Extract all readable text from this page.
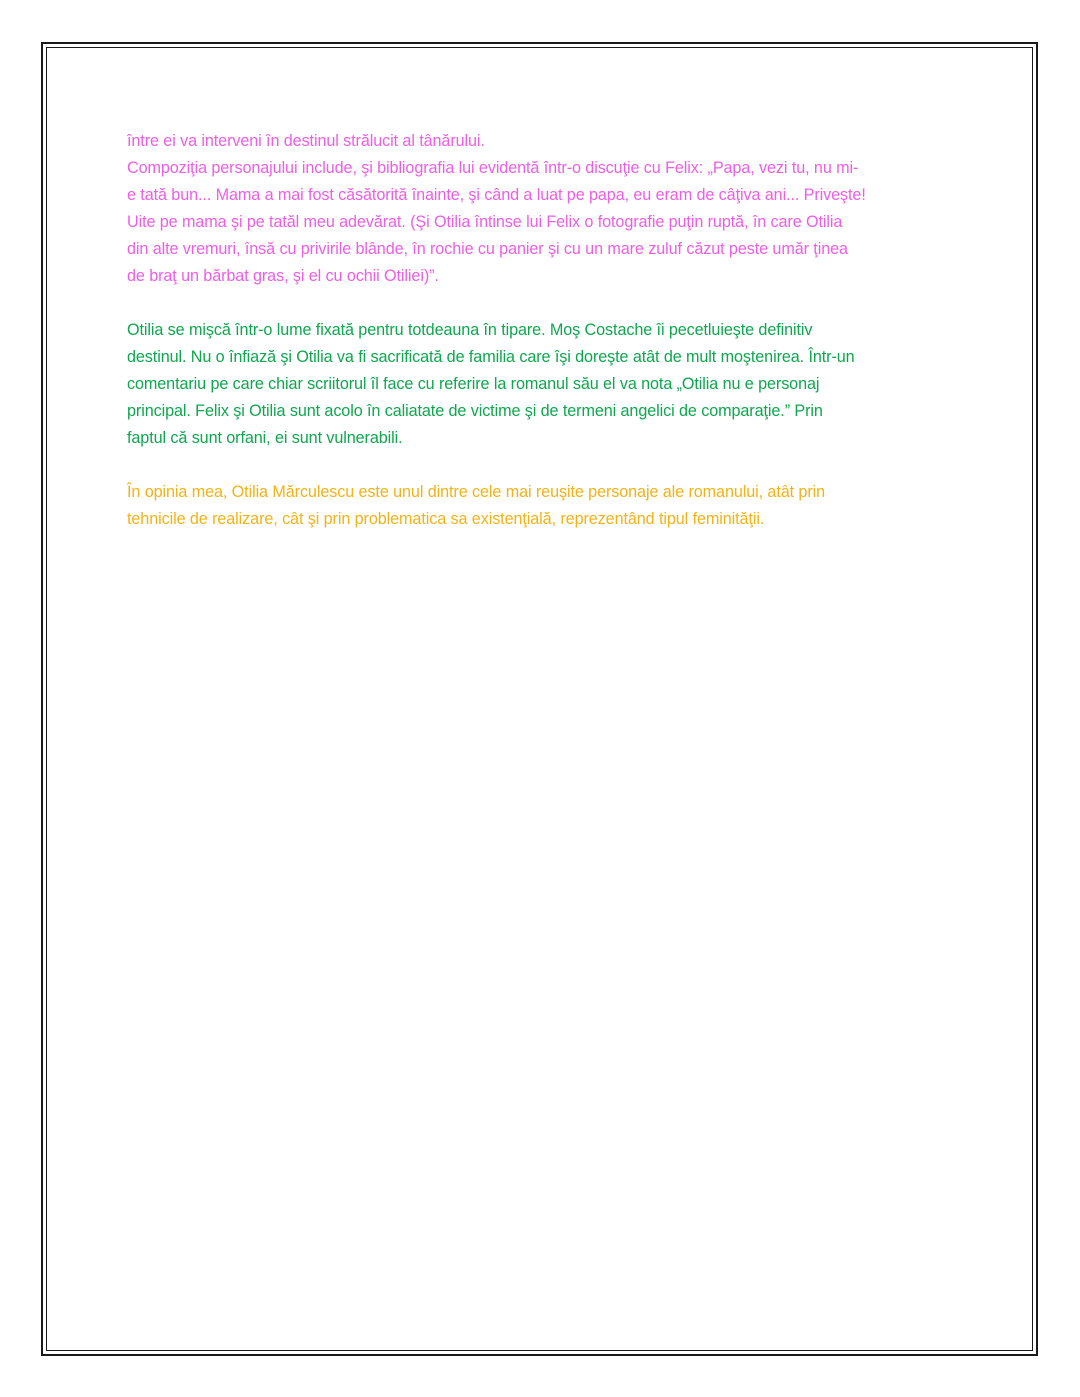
între ei va interveni în destinul strălucit al tânărului.
Compoziţia personajului include, şi bibliografia lui evidentă într-o discuţie cu Felix: „Papa, vezi tu, nu mi-
e tată bun... Mama a mai fost căsătorită înainte, şi când a luat pe papa, eu eram de câţiva ani... Priveşte!
Uite pe mama şi pe tatăl meu adevărat. (Şi Otilia întinse lui Felix o fotografie puţin ruptă, în care Otilia
din alte vremuri, însă cu privirile blânde, în rochie cu panier şi cu un mare zuluf căzut peste umăr ţinea
de braţ un bărbat gras, şi el cu ochii Otiliei)”.

Otilia se mişcă într-o lume fixată pentru totdeauna în tipare. Moş Costache îi pecetluieşte definitiv
destinul. Nu o înfiază şi Otilia va fi sacrificată de familia care îşi doreşte atât de mult moştenirea. Într-un
comentariu pe care chiar scriitorul îl face cu referire la romanul său el va nota „Otilia nu e personaj
principal. Felix şi Otilia sunt acolo în caliatate de victime şi de termeni angelici de comparaţie.” Prin
faptul că sunt orfani, ei sunt vulnerabili.

În opinia mea, Otilia Mărculescu este unul dintre cele mai reuşite personaje ale romanului, atât prin
tehnicile de realizare, cât şi prin problematica sa existenţială, reprezentând tipul feminităţii.
